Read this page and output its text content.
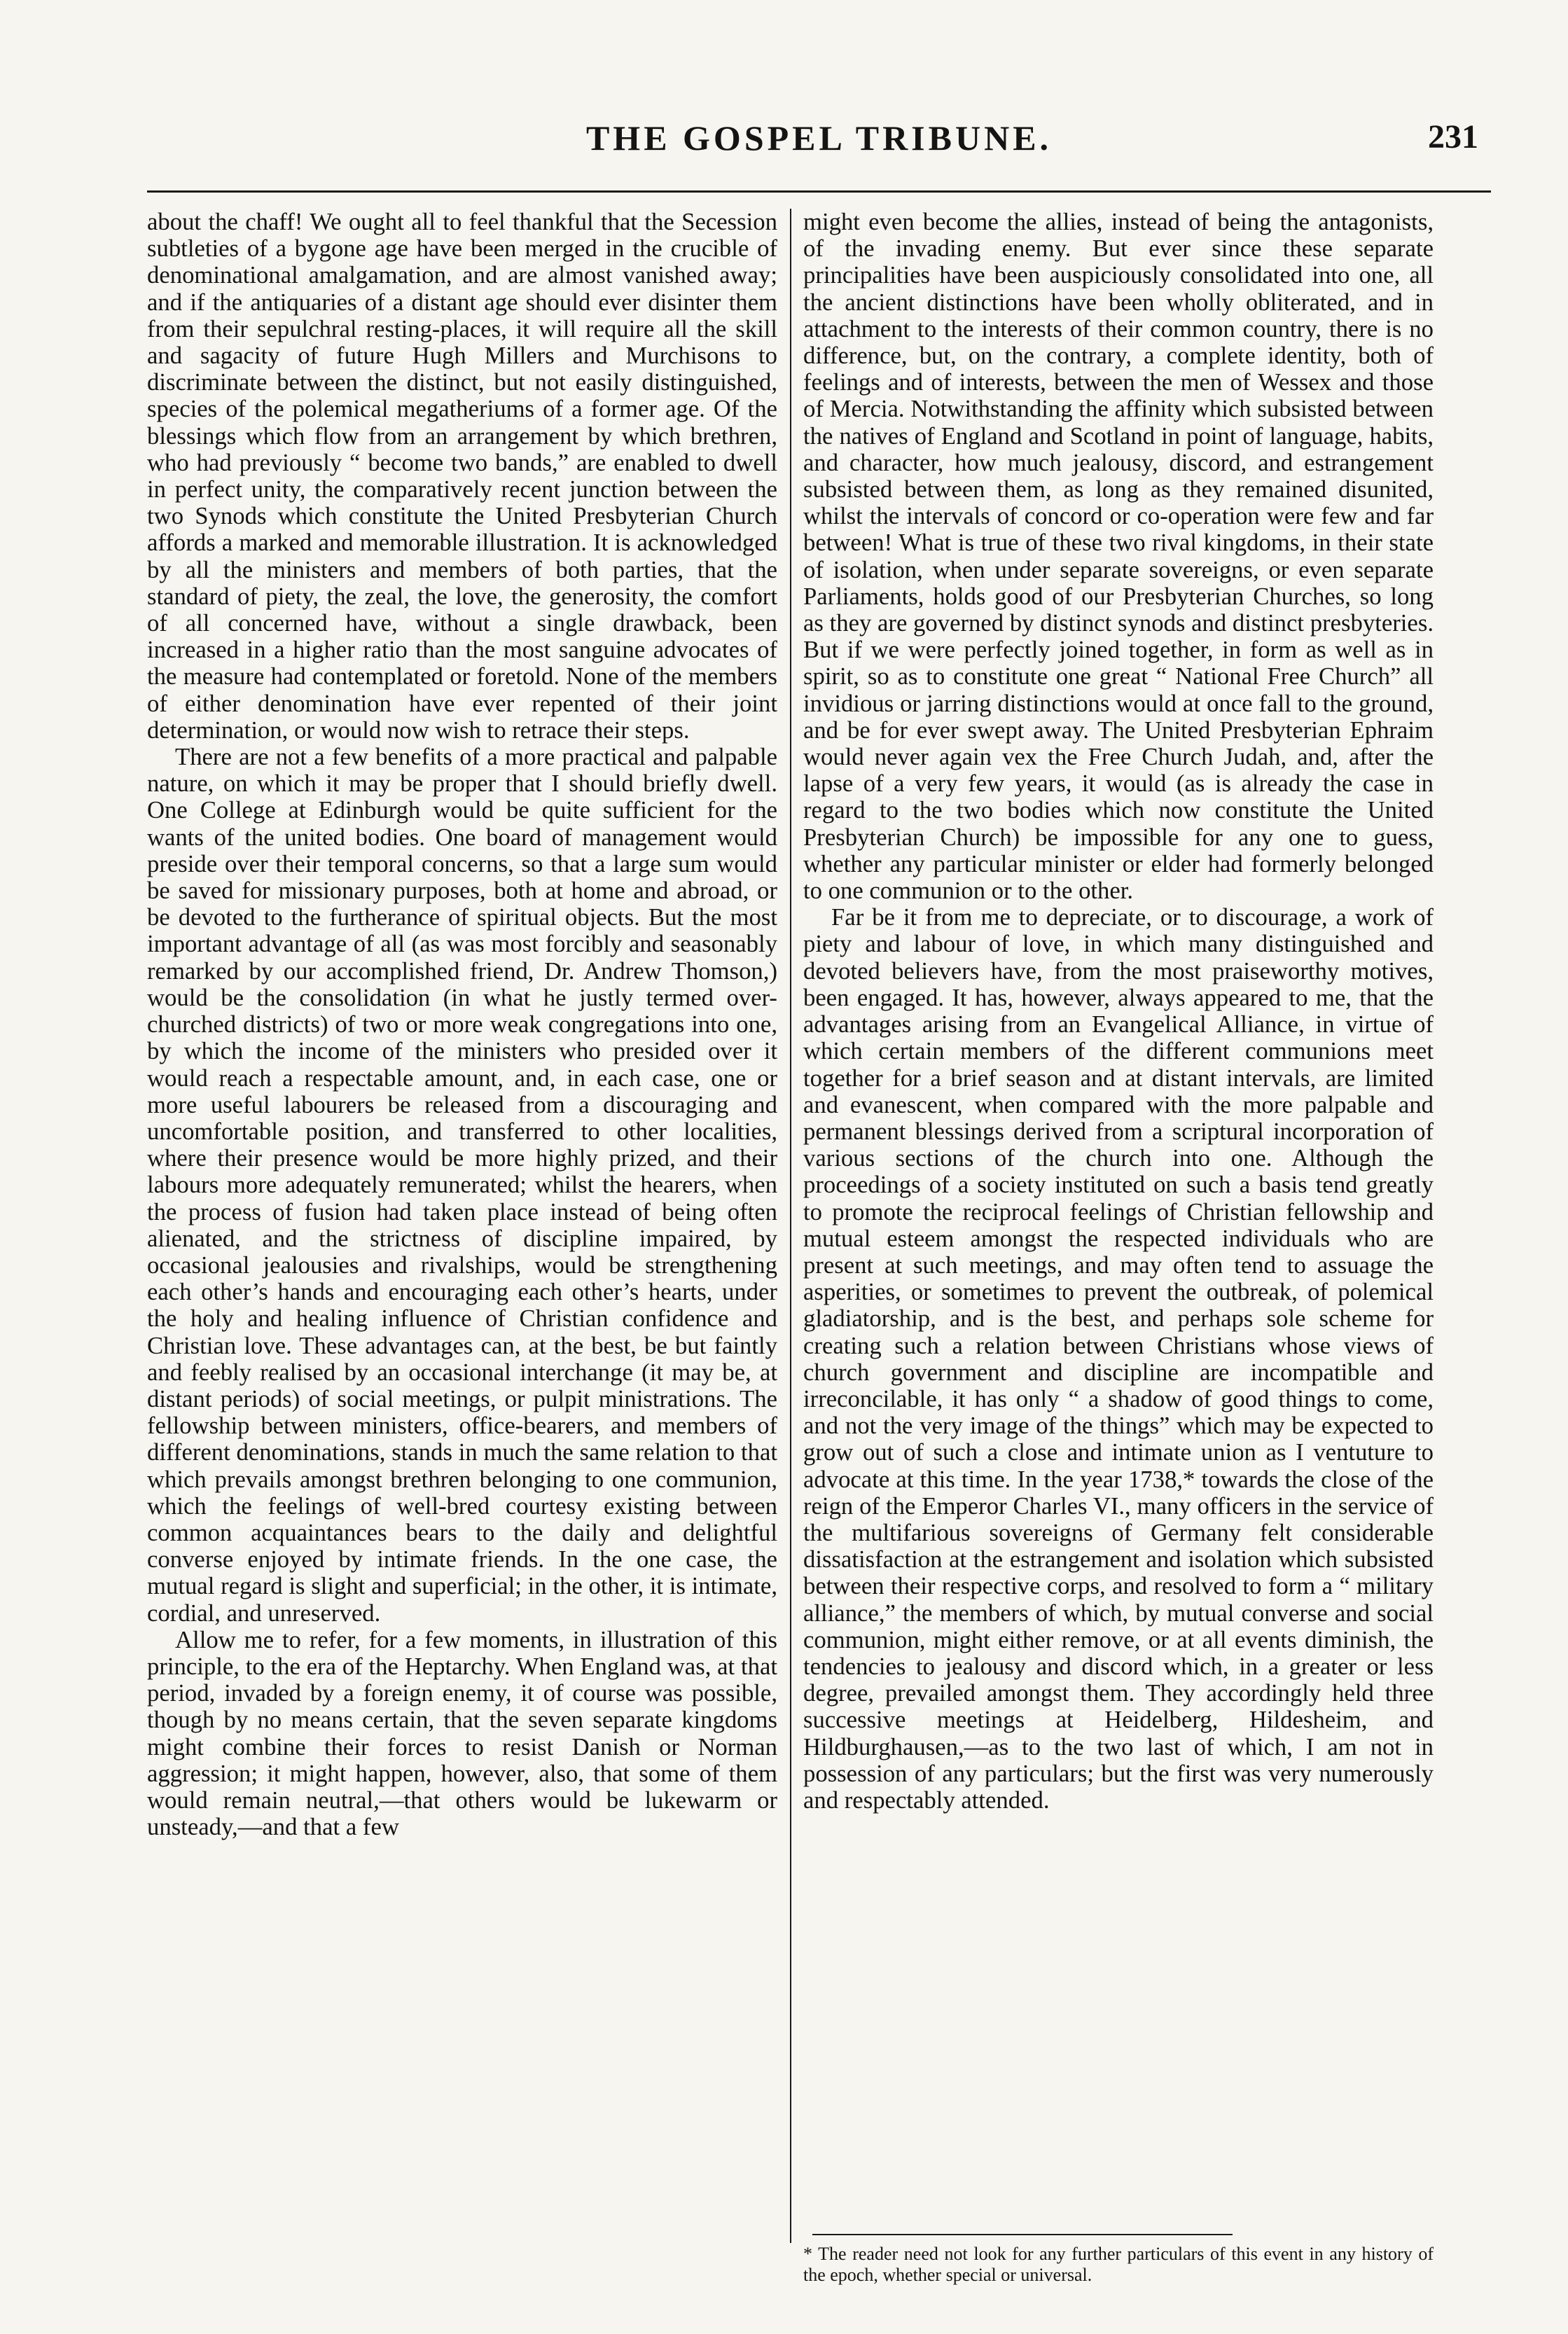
THE GOSPEL TRIBUNE.	231

about the chaff! We ought all to feel thankful that the Secession subtleties of a bygone age have been merged in the crucible of denominational amalgamation, and are almost vanished away; and if the antiquaries of a distant age should ever disinter them from their sepulchral resting-places, it will require all the skill and sagacity of future Hugh Millers and Murchisons to discriminate between the distinct, but not easily distinguished, species of the polemical megatheriums of a former age. Of the blessings which flow from an arrangement by which brethren, who had previously “ become two bands,” are enabled to dwell in perfect unity, the comparatively recent junction between the two Synods which constitute the United Presbyterian Church affords a marked and memorable illustration. It is acknowledged by all the ministers and members of both parties, that the standard of piety, the zeal, the love, the generosity, the comfort of all concerned have, without a single drawback, been increased in a higher ratio than the most sanguine advocates of the measure had contemplated or foretold. None of the members of either denomination have ever repented of their joint determination, or would now wish to retrace their steps.

There are not a few benefits of a more practical and palpable nature, on which it may be proper that I should briefly dwell. One College at Edinburgh would be quite sufficient for the wants of the united bodies. One board of management would preside over their temporal concerns, so that a large sum would be saved for missionary purposes, both at home and abroad, or be devoted to the furtherance of spiritual objects. But the most important advantage of all (as was most forcibly and seasonably remarked by our accomplished friend, Dr. Andrew Thomson,) would be the consolidation (in what he justly termed over-churched districts) of two or more weak congregations into one, by which the income of the ministers who presided over it would reach a respectable amount, and, in each case, one or more useful labourers be released from a discouraging and uncomfortable position, and transferred to other localities, where their presence would be more highly prized, and their labours more adequately remunerated; whilst the hearers, when the process of fusion had taken place instead of being often alienated, and the strictness of discipline impaired, by occasional jealousies and rivalships, would be strengthening each other’s hands and encouraging each other’s hearts, under the holy and healing influence of Christian confidence and Christian love. These advantages can, at the best, be but faintly and feebly realised by an occasional interchange (it may be, at distant periods) of social meetings, or pulpit ministrations. The fellowship between ministers, office-bearers, and members of different denominations, stands in much the same relation to that which prevails amongst brethren belonging to one communion, which the feelings of well-bred courtesy existing between common acquaintances bears to the daily and delightful converse enjoyed by intimate friends. In the one case, the mutual regard is slight and superficial; in the other, it is intimate, cordial, and unreserved.

Allow me to refer, for a few moments, in illustration of this principle, to the era of the Heptarchy. When England was, at that period, invaded by a foreign enemy, it of course was possible, though by no means certain, that the seven separate kingdoms might combine their forces to resist Danish or Norman aggression; it might happen, however, also, that some of them would remain neutral,—that others would be lukewarm or unsteady,—and that a few

might even become the allies, instead of being the antagonists, of the invading enemy. But ever since these separate principalities have been auspiciously consolidated into one, all the ancient distinctions have been wholly obliterated, and in attachment to the interests of their common country, there is no difference, but, on the contrary, a complete identity, both of feelings and of interests, between the men of Wessex and those of Mercia. Notwithstanding the affinity which subsisted between the natives of England and Scotland in point of language, habits, and character, how much jealousy, discord, and estrangement subsisted between them, as long as they remained disunited, whilst the intervals of concord or co-operation were few and far between! What is true of these two rival kingdoms, in their state of isolation, when under separate sovereigns, or even separate Parliaments, holds good of our Presbyterian Churches, so long as they are governed by distinct synods and distinct presbyteries. But if we were perfectly joined together, in form as well as in spirit, so as to constitute one great “ National Free Church” all invidious or jarring distinctions would at once fall to the ground, and be for ever swept away. The United Presbyterian Ephraim would never again vex the Free Church Judah, and, after the lapse of a very few years, it would (as is already the case in regard to the two bodies which now constitute the United Presbyterian Church) be impossible for any one to guess, whether any particular minister or elder had formerly belonged to one communion or to the other.

Far be it from me to depreciate, or to discourage, a work of piety and labour of love, in which many distinguished and devoted believers have, from the most praiseworthy motives, been engaged. It has, however, always appeared to me, that the advantages arising from an Evangelical Alliance, in virtue of which certain members of the different communions meet together for a brief season and at distant intervals, are limited and evanescent, when compared with the more palpable and permanent blessings derived from a scriptural incorporation of various sections of the church into one. Although the proceedings of a society instituted on such a basis tend greatly to promote the reciprocal feelings of Christian fellowship and mutual esteem amongst the respected individuals who are present at such meetings, and may often tend to assuage the asperities, or sometimes to prevent the outbreak, of polemical gladiatorship, and is the best, and perhaps sole scheme for creating such a relation between Christians whose views of church government and discipline are incompatible and irreconcilable, it has only “ a shadow of good things to come, and not the very image of the things” which may be expected to grow out of such a close and intimate union as I ventuture to advocate at this time. In the year 1738,* towards the close of the reign of the Emperor Charles VI., many officers in the service of the multifarious sovereigns of Germany felt considerable dissatisfaction at the estrangement and isolation which subsisted between their respective corps, and resolved to form a “ military alliance,” the members of which, by mutual converse and social communion, might either remove, or at all events diminish, the tendencies to jealousy and discord which, in a greater or less degree, prevailed amongst them. They accordingly held three successive meetings at Heidelberg, Hildesheim, and Hildburghausen,—as to the two last of which, I am not in possession of any particulars; but the first was very numerously and respectably attended.

* The reader need not look for any further particulars of this event in any history of the epoch, whether special or universal.
